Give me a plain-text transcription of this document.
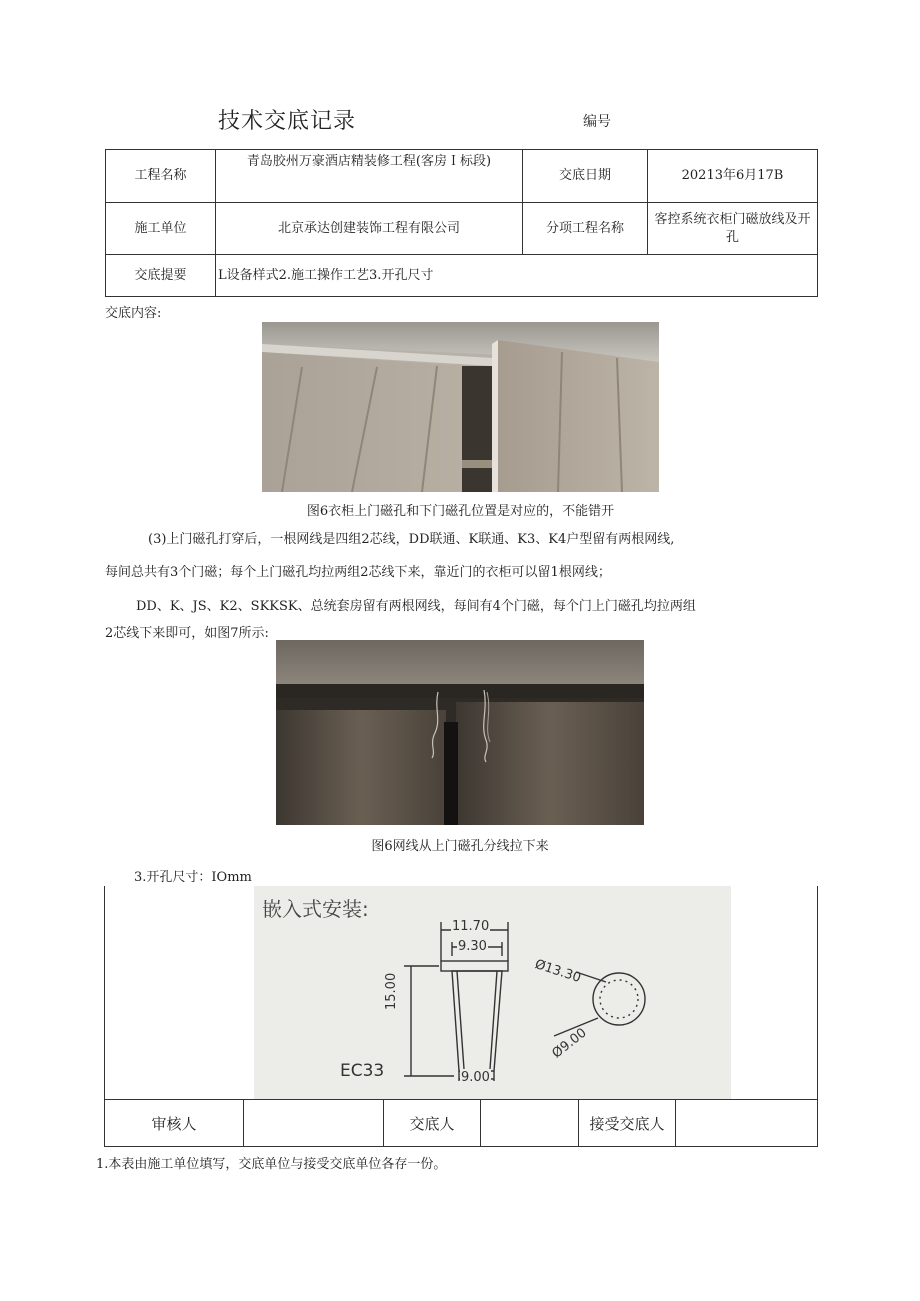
技术交底记录	编号
工程名称	青岛胶州万豪酒店精装修工程(客房Ｉ标段)	交底日期	20213年6月17B
施工单位	北京承达创建装饰工程有限公司	分项工程名称	客控系统衣柜门磁放线及开孔
交底提要	L设备样式2.施工操作工艺3.开孔尺寸		
交底内容:
图6衣柜上门磁孔和下门磁孔位置是对应的，不能错开
(3)上门磁孔打穿后，一根网线是四组2芯线，DD联通、K联通、K3、K4户型留有两根网线,
每间总共有3个门磁；每个上门磁孔均拉两组2芯线下来，靠近门的衣柜可以留1根网线；
DD、K、JS、K2、SKKSK、总统套房留有两根网线，每间有4个门磁，每个门上门磁孔均拉两组
2芯线下来即可，如图7所示:
图6网线从上门磁孔分线拉下来
3.开孔尺寸：IOmm
嵌入式安装:
11.70
9.30
15.00
9.00
Ø13.30
Ø9.00
EC33
审核人		交底人		接受交底人	
1.本表由施工单位填写，交底单位与接受交底单位各存一份。
